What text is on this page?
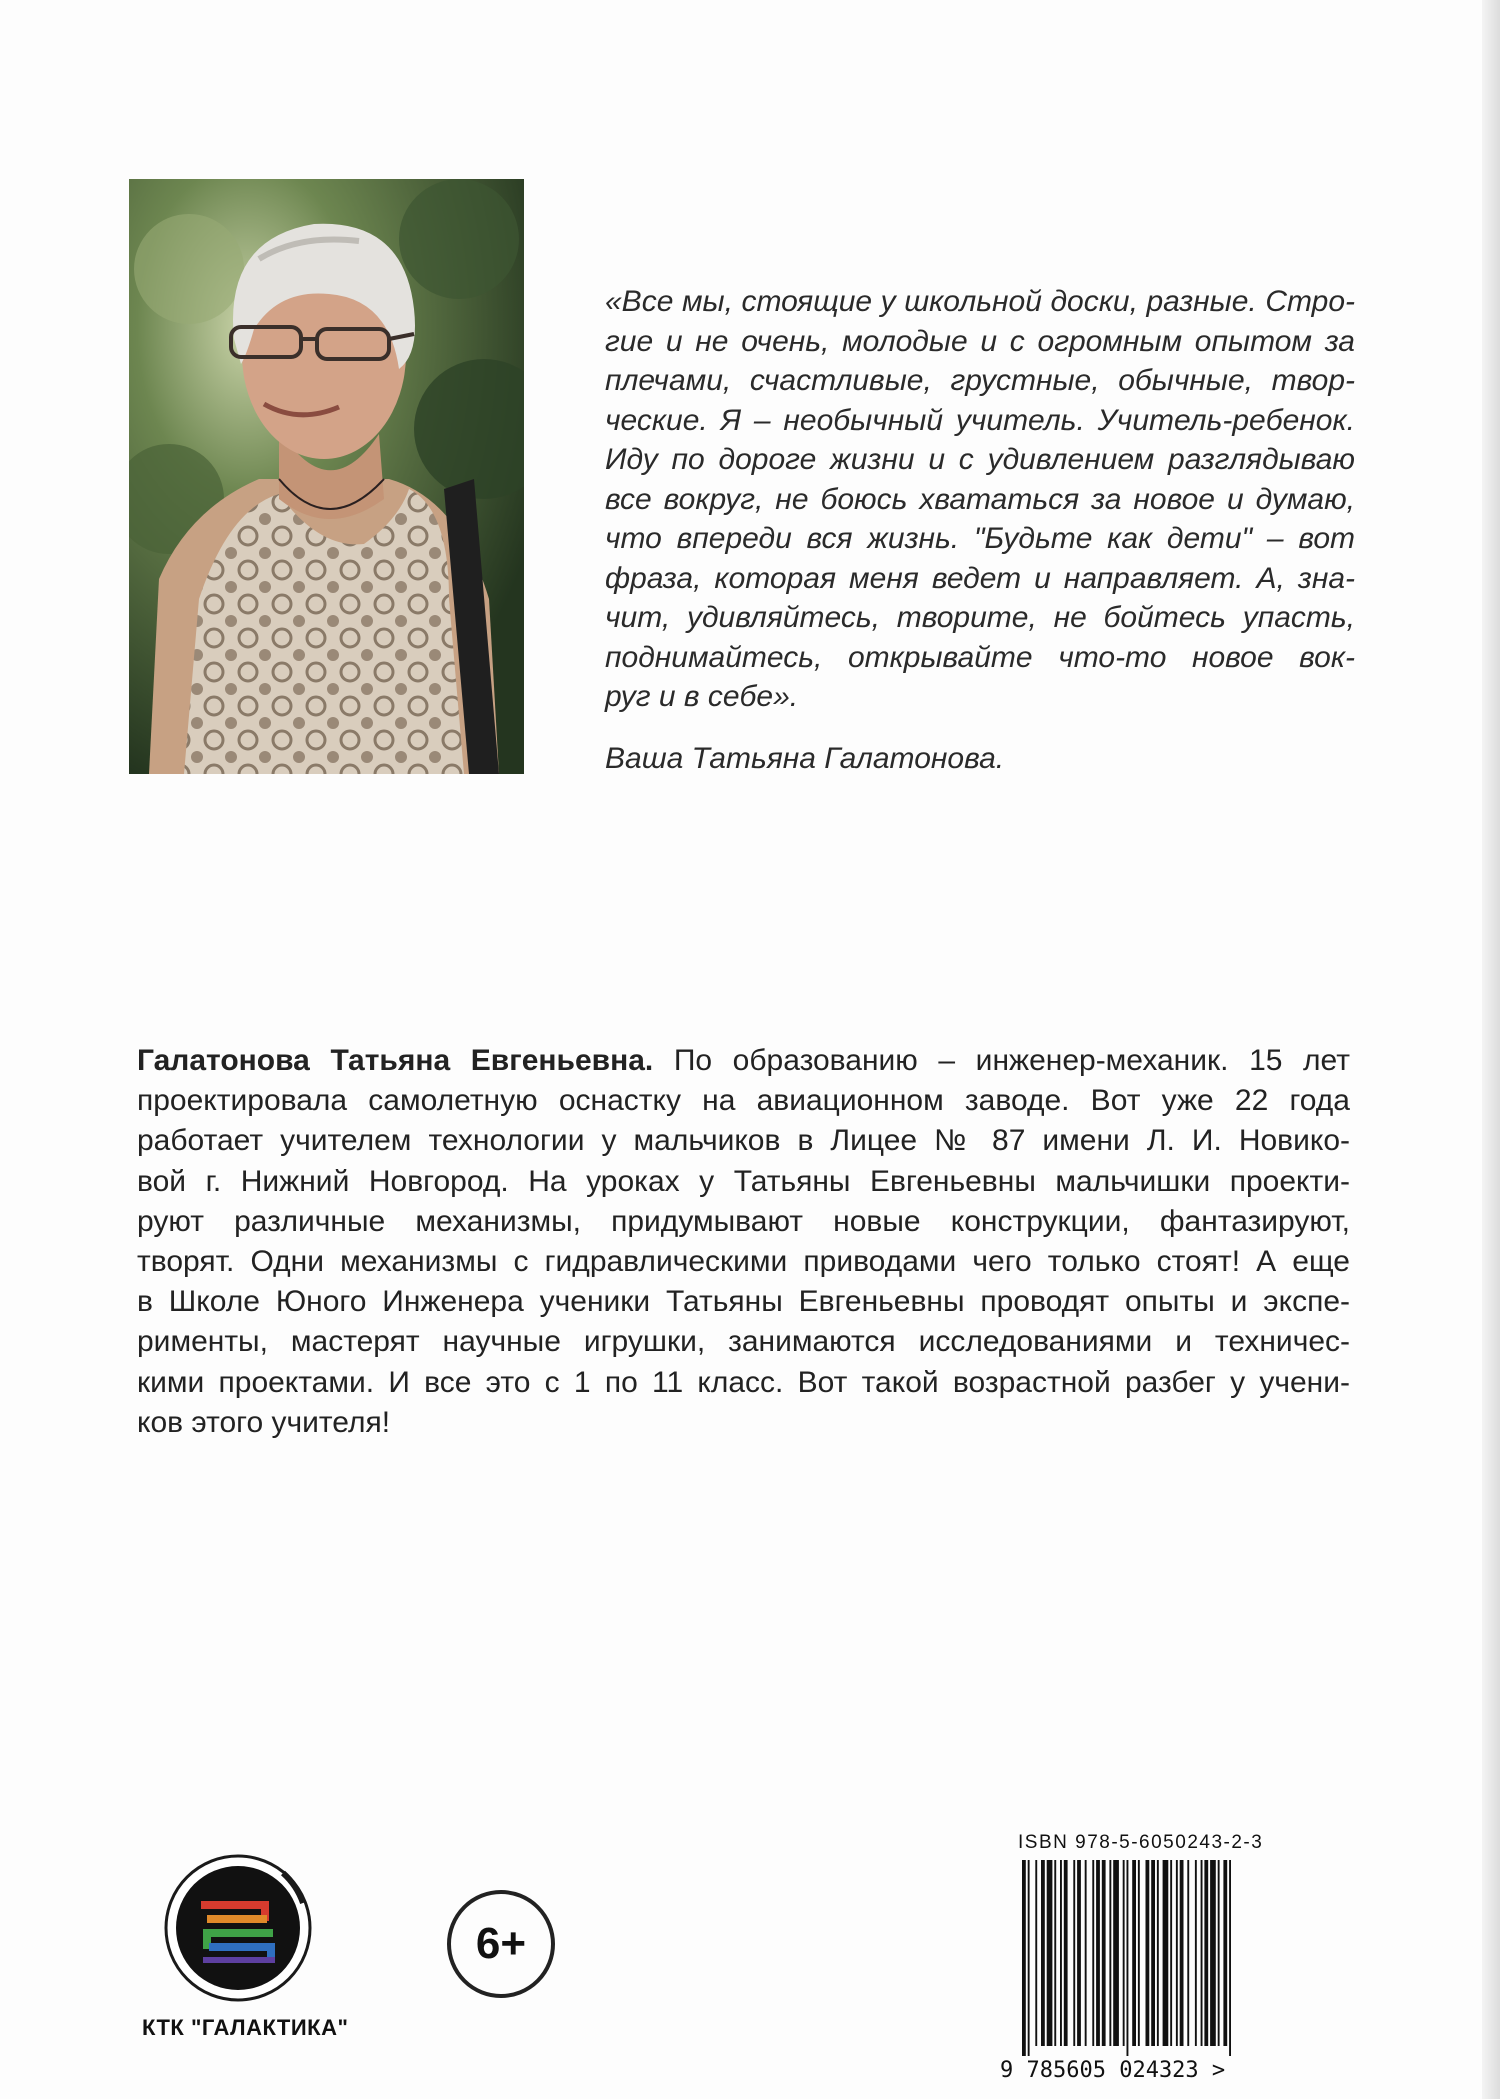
«Все мы, стоящие у школьной доски, разные. Стро-
гие и не очень, молодые и с огромным опытом за
плечами, счастливые, грустные, обычные, твор-
ческие. Я – необычный учитель. Учитель-ребенок.
Иду по дороге жизни и с удивлением разглядываю
все вокруг, не боюсь хвататься за новое и думаю,
что впереди вся жизнь. "Будьте как дети" – вот
фраза, которая меня ведет и направляет. А, зна-
чит, удивляйтесь, творите, не бойтесь упасть,
поднимайтесь, открывайте что-то новое вок-
руг и в себе».
Ваша Татьяна Галатонова.
Галатонова Татьяна Евгеньевна. По образованию – инженер-механик. 15 лет
проектировала самолетную оснастку на авиационном заводе. Вот уже 22 года
работает учителем технологии у мальчиков в Лицее № 87 имени Л. И. Новико-
вой г. Нижний Новгород. На уроках у Татьяны Евгеньевны мальчишки проекти-
руют различные механизмы, придумывают новые конструкции, фантазируют,
творят. Одни механизмы с гидравлическими приводами чего только стоят! А еще
в Школе Юного Инженера ученики Татьяны Евгеньевны проводят опыты и экспе-
рименты, мастерят научные игрушки, занимаются исследованиями и техничес-
кими проектами. И все это с 1 по 11 класс. Вот такой возрастной разбег у учени-
ков этого учителя!
КТК "ГАЛАКТИКА"
6+
ISBN 978-5-6050243-2-3
9 785605 024323 >
